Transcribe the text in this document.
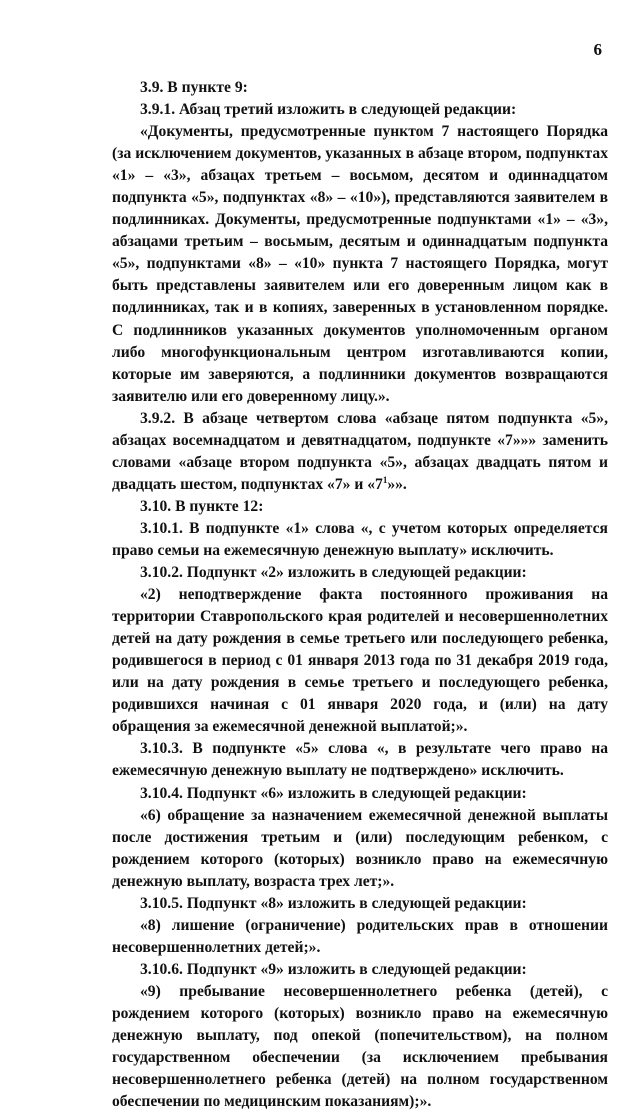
6

3.9. В пункте 9:

3.9.1. Абзац третий изложить в следующей редакции:

«Документы, предусмотренные пунктом 7 настоящего Порядка (за исключением документов, указанных в абзаце втором, подпунктах «1» – «3», абзацах третьем – восьмом, десятом и одиннадцатом подпункта «5», подпунктах «8» – «10»), представляются заявителем в подлинниках. Документы, предусмотренные подпунктами «1» – «3», абзацами третьим – восьмым, десятым и одиннадцатым подпункта «5», подпунктами «8» – «10» пункта 7 настоящего Порядка, могут быть представлены заявителем или его доверенным лицом как в подлинниках, так и в копиях, заверенных в установленном порядке. С подлинников указанных документов уполномоченным органом либо многофункциональным центром изготавливаются копии, которые им заверяются, а подлинники документов возвращаются заявителю или его доверенному лицу.».

3.9.2. В абзаце четвертом слова «абзаце пятом подпункта «5», абзацах восемнадцатом и девятнадцатом, подпункте «7»»» заменить словами «абзаце втором подпункта «5», абзацах двадцать пятом и двадцать шестом, подпунктах «7» и «$7^1$»».

3.10. В пункте 12:

3.10.1. В подпункте «1» слова «, с учетом которых определяется право семьи на ежемесячную денежную выплату» исключить.

3.10.2. Подпункт «2» изложить в следующей редакции:

«2) неподтверждение факта постоянного проживания на территории Ставропольского края родителей и несовершеннолетних детей на дату рождения в семье третьего или последующего ребенка, родившегося в период с 01 января 2013 года по 31 декабря 2019 года, или на дату рождения в семье третьего и последующего ребенка, родившихся начиная с 01 января 2020 года, и (или) на дату обращения за ежемесячной денежной выплатой;».

3.10.3. В подпункте «5» слова «, в результате чего право на ежемесячную денежную выплату не подтверждено» исключить.

3.10.4. Подпункт «6» изложить в следующей редакции:

«6) обращение за назначением ежемесячной денежной выплаты после достижения третьим и (или) последующим ребенком, с рождением которого (которых) возникло право на ежемесячную денежную выплату, возраста трех лет;».

3.10.5. Подпункт «8» изложить в следующей редакции:

«8) лишение (ограничение) родительских прав в отношении несовершеннолетних детей;».

3.10.6. Подпункт «9» изложить в следующей редакции:

«9) пребывание несовершеннолетнего ребенка (детей), с рождением которого (которых) возникло право на ежемесячную денежную выплату, под опекой (попечительством), на полном государственном обеспечении (за исключением пребывания несовершеннолетнего ребенка (детей) на полном государственном обеспечении по медицинским показаниям);».
